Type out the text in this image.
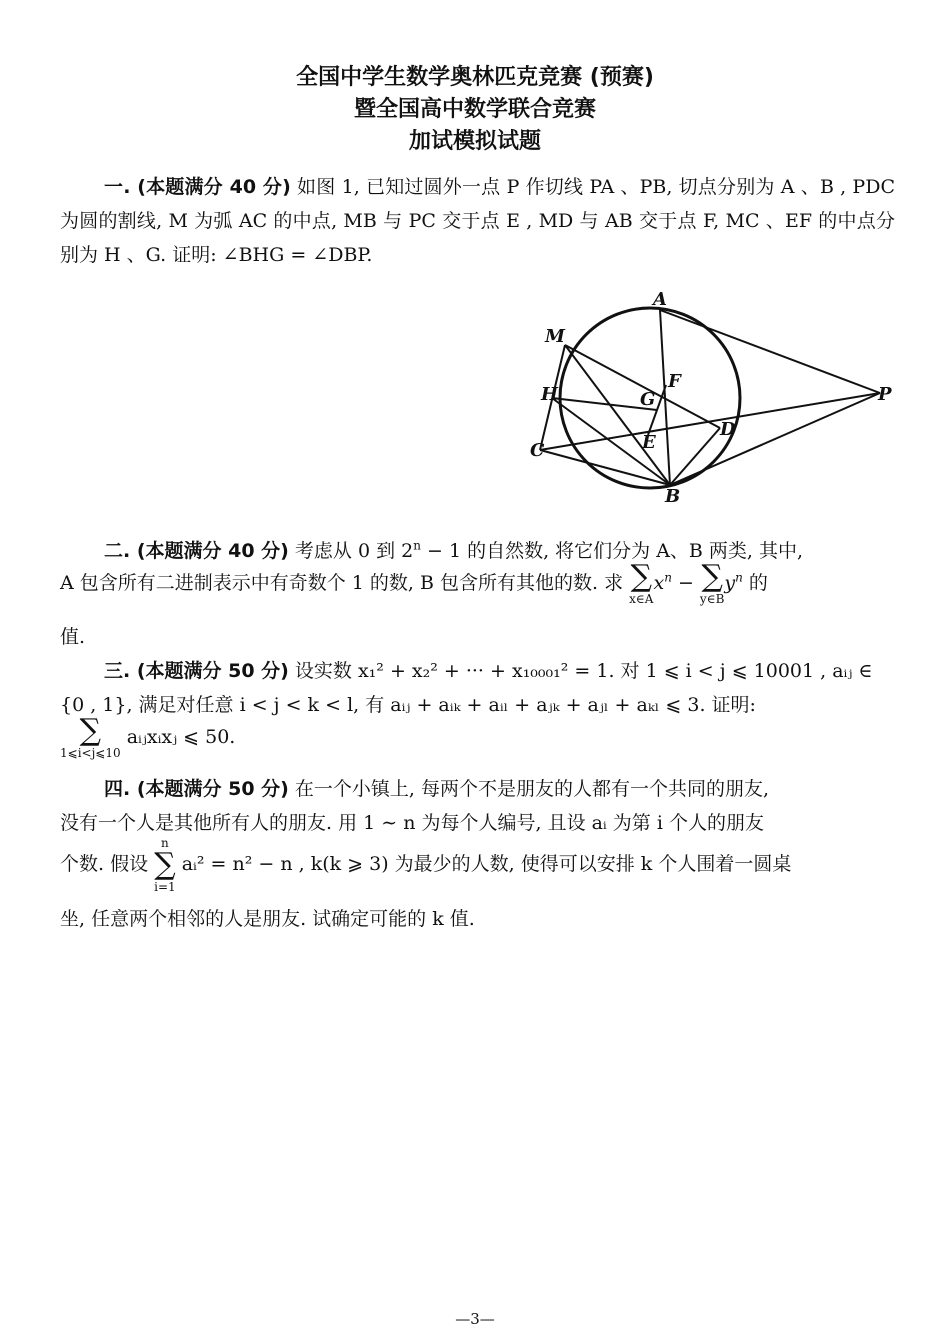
全国中学生数学奥林匹克竞赛 (预赛)
暨全国高中数学联合竞赛
加试模拟试题
一. (本题满分 40 分) 如图 1, 已知过圆外一点 P 作切线 PA 、PB, 切点分别为 A 、B , PDC 为圆的割线, M 为弧 AC 的中点, MB 与 PC 交于点 E , MD 与 AB 交于点 F, MC 、EF 的中点分别为 H 、G. 证明: ∠BHG = ∠DBP.
A
M
F
H	G	P
D
C	E
B
二. (本题满分 40 分) 考虑从 0 到 $2^n - 1$ 的自然数, 将它们分为 A、B 两类, 其中,
A 包含所有二进制表示中有奇数个 1 的数, B 包含所有其他的数. 求 ∑
x∈A
$x^n$ − ∑
y∈B
$y^n$ 的
值.
三. (本题满分 50 分) 设实数 x₁² + x₂² + ··· + x₁₀₀₀₁² = 1. 对 1 ⩽ i < j ⩽ 10001 , aᵢⱼ ∈
{0 , 1}, 满足对任意 i < j < k < l, 有 aᵢⱼ + aᵢₖ + aᵢₗ + aⱼₖ + aⱼₗ + aₖₗ ⩽ 3. 证明:
∑
1⩽i<j⩽10
aᵢⱼxᵢxⱼ ⩽ 50.
四. (本题满分 50 分) 在一个小镇上, 每两个不是朋友的人都有一个共同的朋友,
没有一个人是其他所有人的朋友. 用 1 ∼ n 为每个人编号, 且设 aᵢ 为第 i 个人的朋友
个数. 假设
n
∑
i=1
aᵢ² = n² − n , k(k ⩾ 3) 为最少的人数, 使得可以安排 k 个人围着一圆桌
坐, 任意两个相邻的人是朋友. 试确定可能的 k 值.
—3—
